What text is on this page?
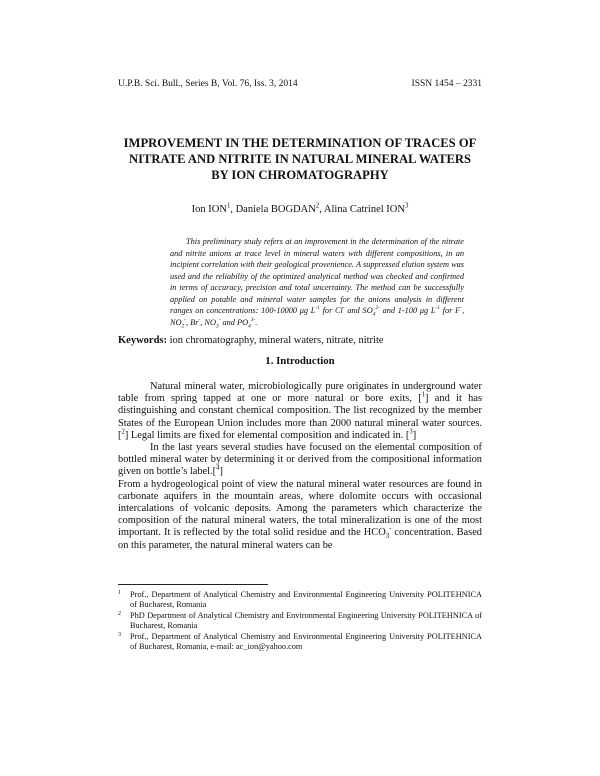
U.P.B. Sci. Bull., Series B, Vol. 76, Iss. 3, 2014	ISSN 1454 – 2331
IMPROVEMENT IN THE DETERMINATION OF TRACES OF
NITRATE AND NITRITE IN NATURAL MINERAL WATERS
BY ION CHROMATOGRAPHY
Ion ION$^1$, Daniela BOGDAN$^2$, Alina Catrinel ION$^3$

This preliminary study refers at an improvement in the determination of the nitrate and nitrite anions at trace level in mineral waters with different compositions, in an incipient correlation with their geological provenience. A suppressed elution system was used and the reliability of the optimized analytical method was checked and confirmed in terms of accuracy, precision and total uncertainty. The method can be successfully applied on potable and mineral water samples for the anions analysis in different ranges on concentrations: 100-10000 μg $L^{-1}$ for Cl- and $SO_4^{2-}$ and 1-100 μg $L^{-1}$ for F-, $NO_2^-$, Br-, $NO_3^-$ and $PO_4^{3-}$.

Keywords: ion chromatography, mineral waters, nitrate, nitrite
1. Introduction

Natural mineral water, microbiologically pure originates in underground water table from spring tapped at one or more natural or bore exits, [$^1$] and it has distinguishing and constant chemical composition. The list recognized by the member States of the European Union includes more than 2000 natural mineral water sources. [$^2$] Legal limits are fixed for elemental composition and indicated in. [$^3$]

In the last years several studies have focused on the elemental composition of bottled mineral water by determining it or derived from the compositional information given on bottle’s label.[$^4$]

From a hydrogeological point of view the natural mineral water resources are found in carbonate aquifers in the mountain areas, where dolomite occurs with occasional intercalations of volcanic deposits. Among the parameters which characterize the composition of the natural mineral waters, the total mineralization is one of the most important. It is reflected by the total solid residue and the $HCO_3^-$ concentration. Based on this parameter, the natural mineral waters can be

1 Prof., Department of Analytical Chemistry and Environmental Engineering University POLITEHNICA of Bucharest, Romania

2 PhD Department of Analytical Chemistry and Environmental Engineering University POLITEHNICA of Bucharest, Romania

3 Prof., Department of Analytical Chemistry and Environmental Engineering University POLITEHNICA of Bucharest, Romania, e-mail: ac_ion@yahoo.com
